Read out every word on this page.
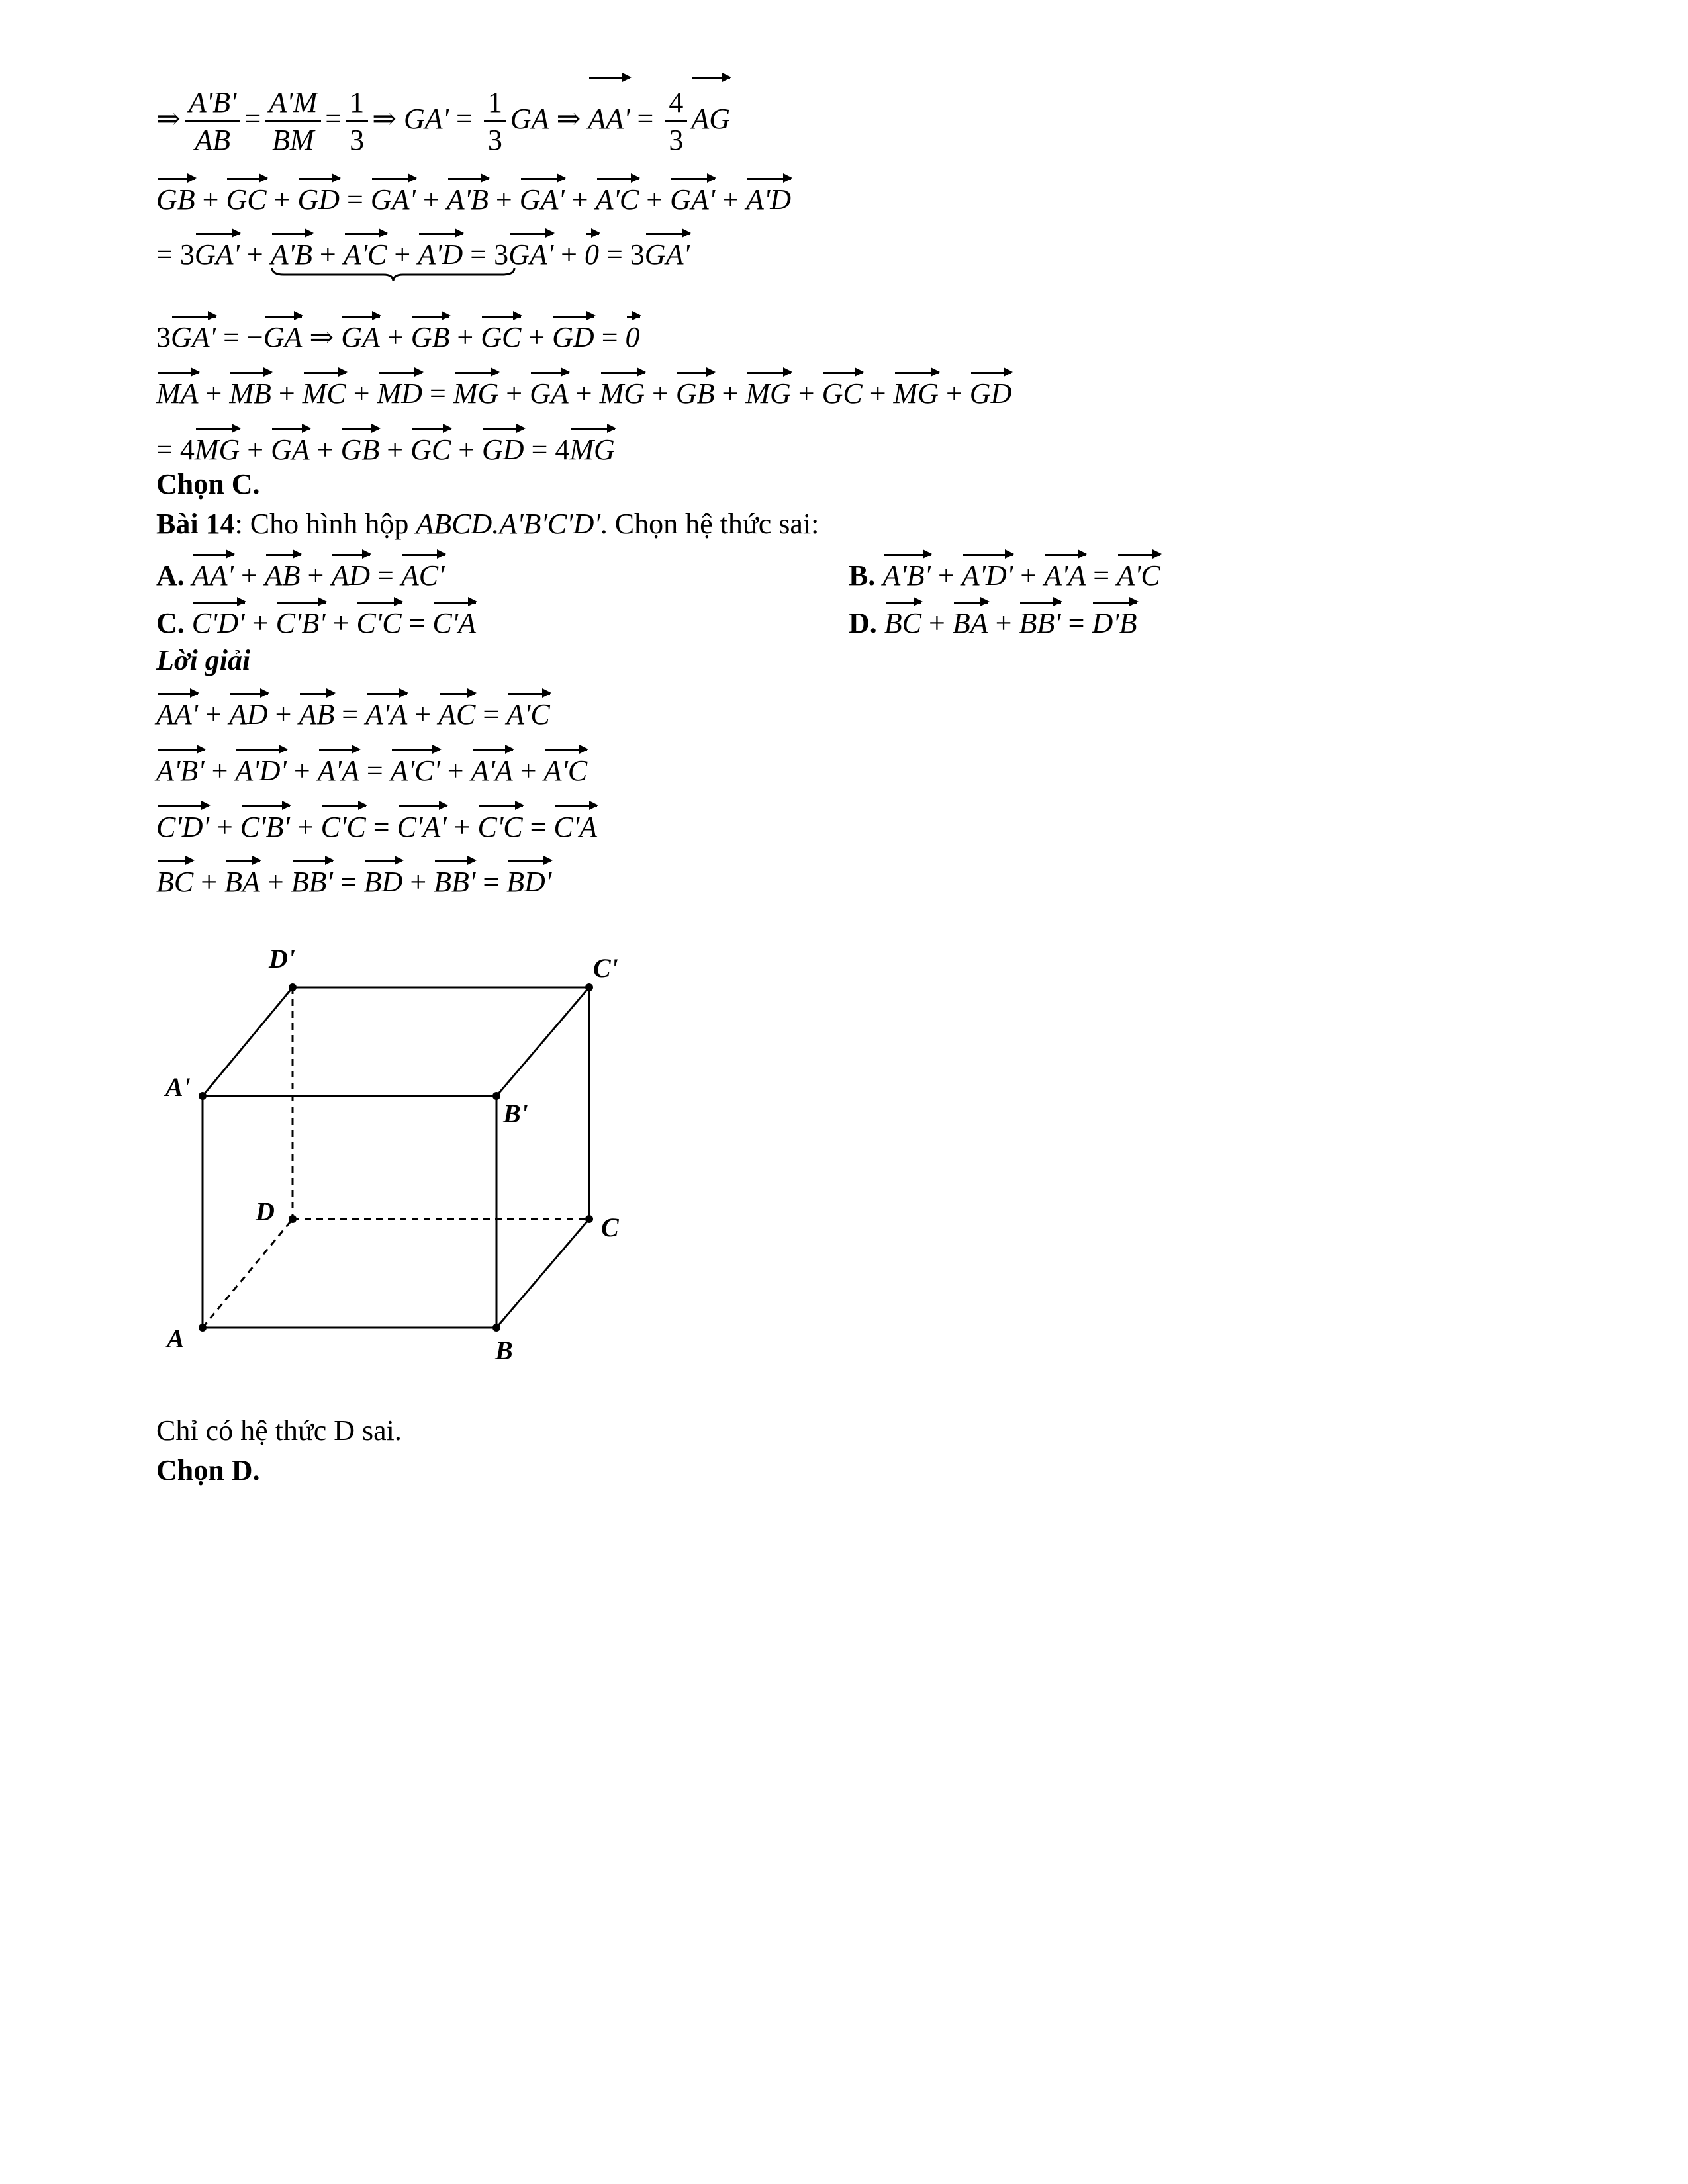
⇒ $\frac{A'B'}{AB} = \frac{A'M}{BM} = \frac{1}{3}$ ⇒ $GA' = \frac{1}{3}$ GA ⇒ $AA' = \frac{4}{3}$ AG
GB + GC + GD = GA' + A'B + GA' + A'C + GA' + A'D
= 3GA' + A'B + A'C + A'D
= 3GA' + 0 = 3GA'
3GA' = −GA ⇒ GA + GB + GC + GD = 0
MA + MB + MC + MD = MG + GA + MG + GB + MG + GC + MG + GD
= 4MG + GA + GB + GC + GD = 4MG
Chọn C.
Bài 14: Cho hình hộp ABCD.A'B'C'D'. Chọn hệ thức sai:
A. AA' + AB + AD = AC'	B. A'B' + A'D' + A'A = A'C
C. C'D' + C'B' + C'C = C'A	D. BC + BA + BB' = D'B
Lời giải
AA' + AD + AB = A'A + AC = A'C
A'B' + A'D' + A'A = A'C' + A'A + A'C
C'D' + C'B' + C'C = C'A' + C'C = C'A
BC + BA + BB' = BD + BB' = BD'
A	B
C
D
A'
B'
C'
D'
Chỉ có hệ thức D sai.
Chọn D.
